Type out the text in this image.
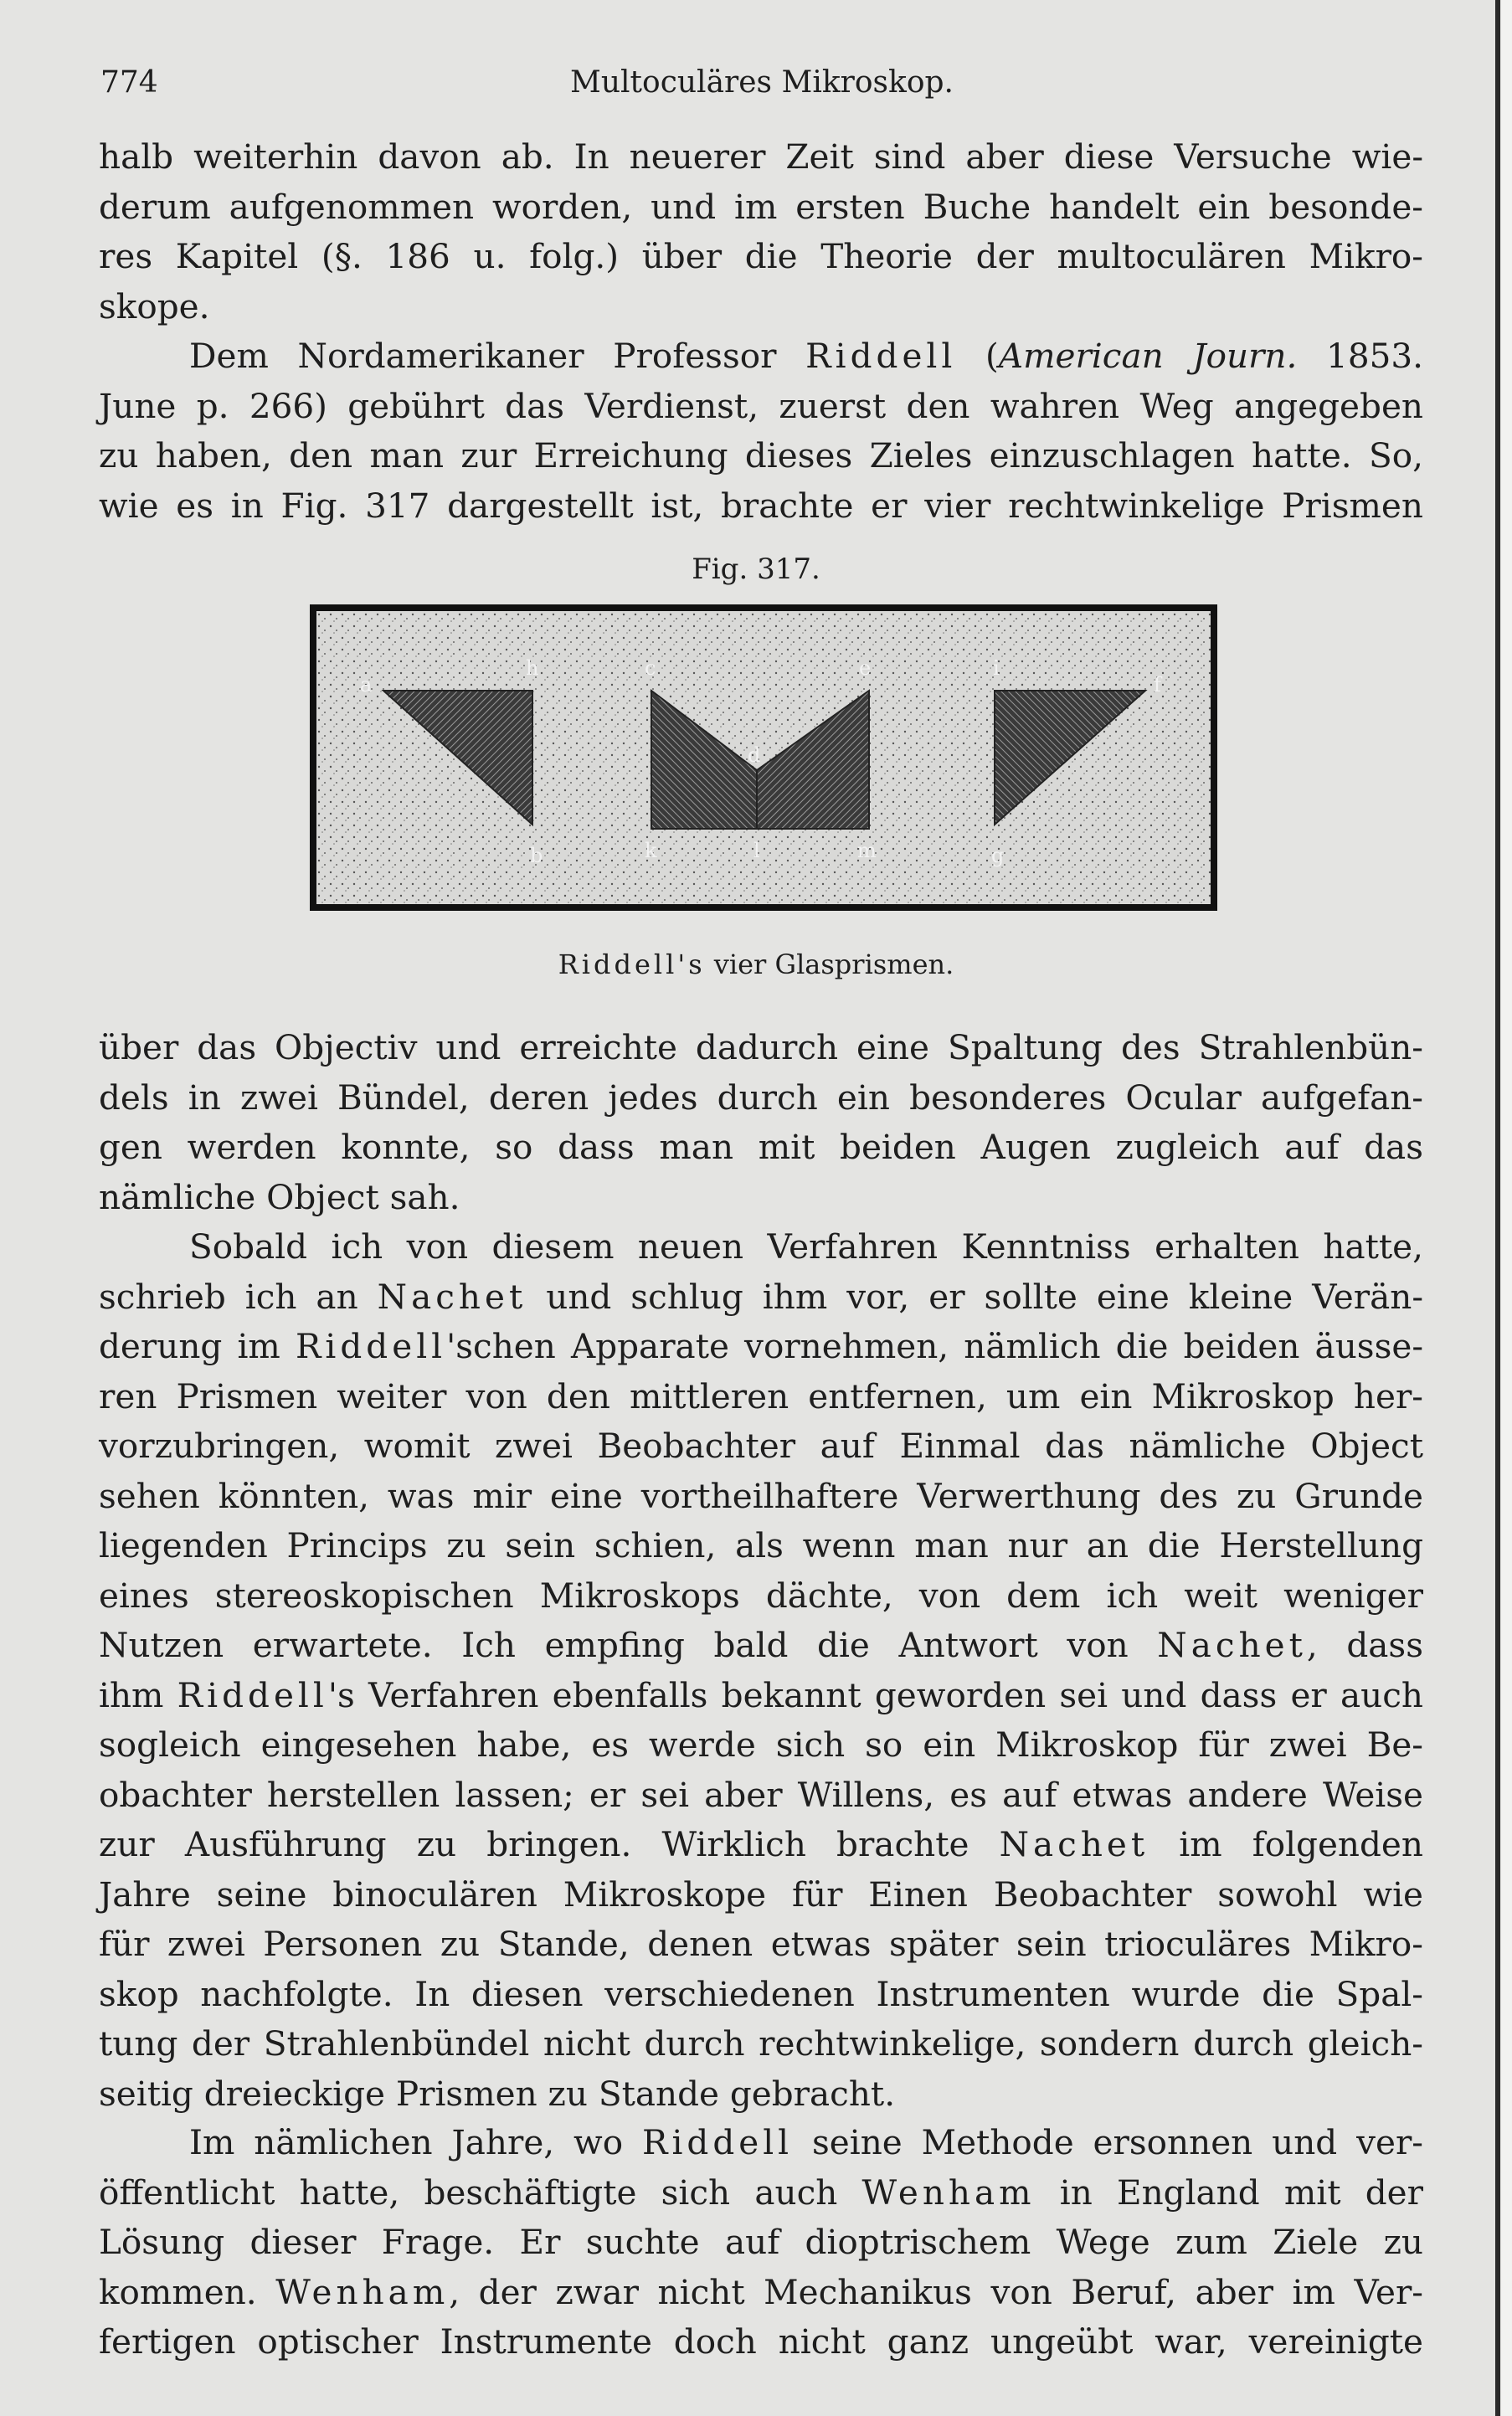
774	Multoculäres Mikroskop.
halb weiterhin davon ab. In neuerer Zeit sind aber diese Versuche wie-
derum aufgenommen worden, und im ersten Buche handelt ein besonde-
res Kapitel (§. 186 u. folg.) über die Theorie der multoculären Mikro-
skope.
Dem Nordamerikaner Professor Riddell (American Journ. 1853.
June p. 266) gebührt das Verdienst, zuerst den wahren Weg angegeben
zu haben, den man zur Erreichung dieses Zieles einzuschlagen hatte. So,
wie es in Fig. 317 dargestellt ist, brachte er vier rechtwinkelige Prismen
Fig. 317.
a
h
b
c	e
d
k	l	m
i
f
g
Riddell's vier Glasprismen.
über das Objectiv und erreichte dadurch eine Spaltung des Strahlenbün-
dels in zwei Bündel, deren jedes durch ein besonderes Ocular aufgefan-
gen werden konnte, so dass man mit beiden Augen zugleich auf das
nämliche Object sah.
Sobald ich von diesem neuen Verfahren Kenntniss erhalten hatte,
schrieb ich an Nachet und schlug ihm vor, er sollte eine kleine Verän-
derung im Riddell'schen Apparate vornehmen, nämlich die beiden äusse-
ren Prismen weiter von den mittleren entfernen, um ein Mikroskop her-
vorzubringen, womit zwei Beobachter auf Einmal das nämliche Object
sehen könnten, was mir eine vortheilhaftere Verwerthung des zu Grunde
liegenden Princips zu sein schien, als wenn man nur an die Herstellung
eines stereoskopischen Mikroskops dächte, von dem ich weit weniger
Nutzen erwartete. Ich empfing bald die Antwort von Nachet, dass
ihm Riddell's Verfahren ebenfalls bekannt geworden sei und dass er auch
sogleich eingesehen habe, es werde sich so ein Mikroskop für zwei Be-
obachter herstellen lassen; er sei aber Willens, es auf etwas andere Weise
zur Ausführung zu bringen. Wirklich brachte Nachet im folgenden
Jahre seine binoculären Mikroskope für Einen Beobachter sowohl wie
für zwei Personen zu Stande, denen etwas später sein trioculäres Mikro-
skop nachfolgte. In diesen verschiedenen Instrumenten wurde die Spal-
tung der Strahlenbündel nicht durch rechtwinkelige, sondern durch gleich-
seitig dreieckige Prismen zu Stande gebracht.
Im nämlichen Jahre, wo Riddell seine Methode ersonnen und ver-
öffentlicht hatte, beschäftigte sich auch Wenham in England mit der
Lösung dieser Frage. Er suchte auf dioptrischem Wege zum Ziele zu
kommen. Wenham, der zwar nicht Mechanikus von Beruf, aber im Ver-
fertigen optischer Instrumente doch nicht ganz ungeübt war, vereinigte
